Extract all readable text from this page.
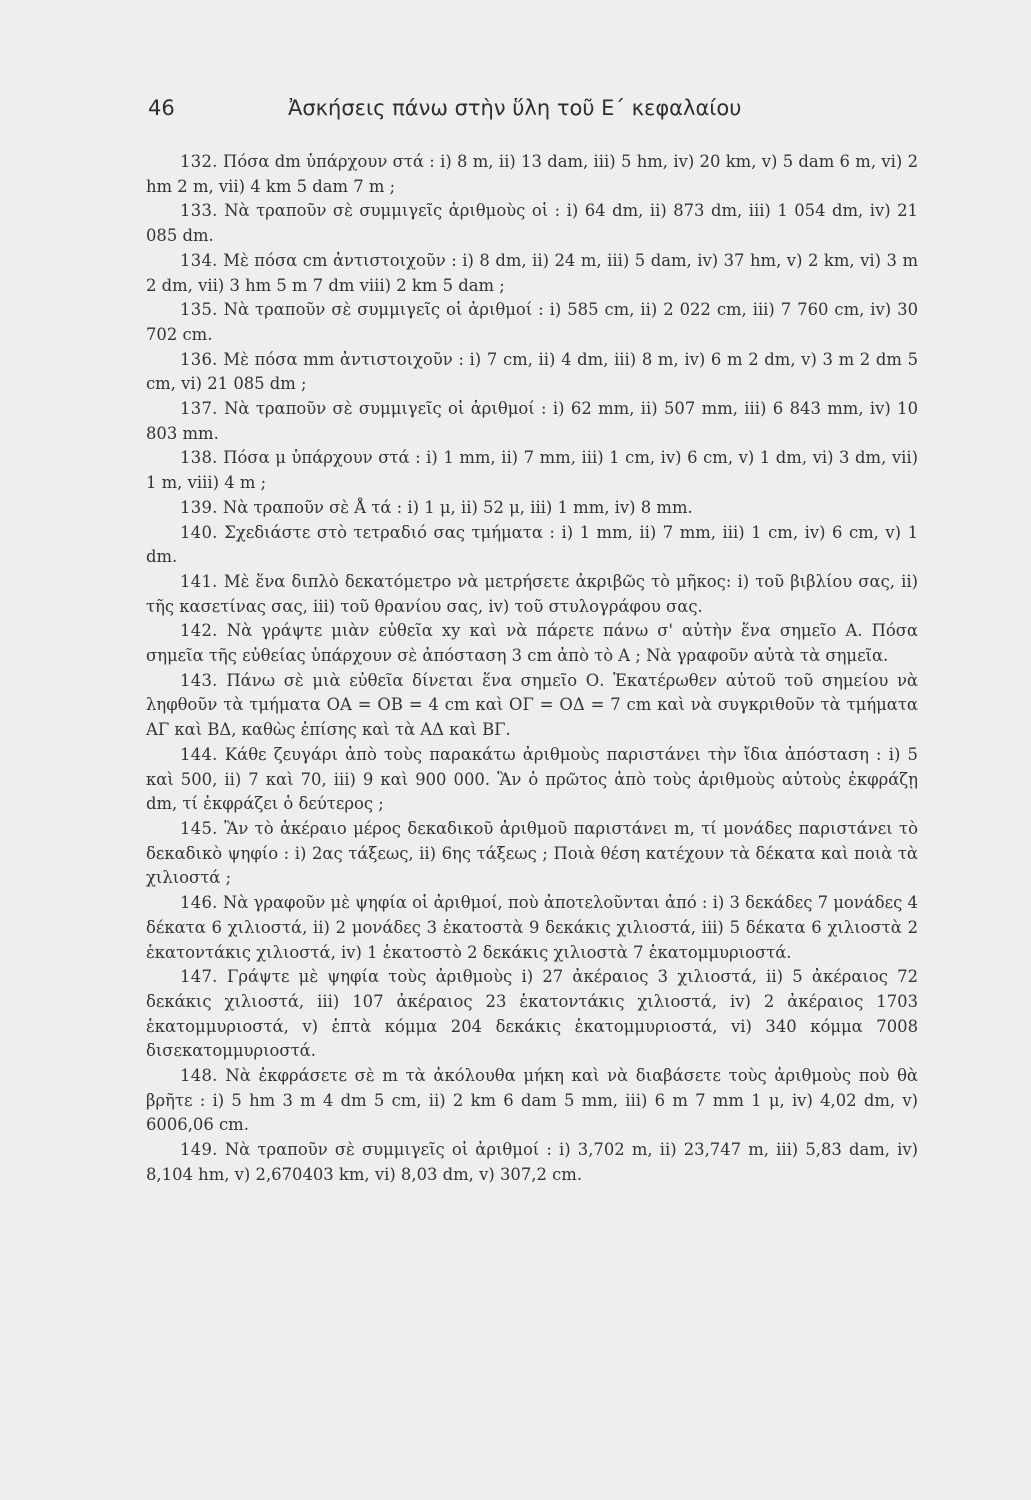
46	Ἀσκήσεις πάνω στὴν ὕλη τοῦ Ε΄ κεφαλαίου

132. Πόσα dm ὑπάρχουν στά : i) 8 m, ii) 13 dam, iii) 5 hm, iv) 20 km, v) 5 dam 6 m, vi) 2 hm 2 m, vii) 4 km 5 dam 7 m ;

133. Νὰ τραποῦν σὲ συμμιγεῖς ἀριθμοὺς οἱ : i) 64 dm, ii) 873 dm, iii) 1 054 dm, iv) 21 085 dm.

134. Μὲ πόσα cm ἀντιστοιχοῦν : i) 8 dm, ii) 24 m, iii) 5 dam, iv) 37 hm, v) 2 km, vi) 3 m 2 dm, vii) 3 hm 5 m 7 dm viii) 2 km 5 dam ;

135. Νὰ τραποῦν σὲ συμμιγεῖς οἱ ἀριθμοί : i) 585 cm, ii) 2 022 cm, iii) 7 760 cm, iv) 30 702 cm.

136. Μὲ πόσα mm ἀντιστοιχοῦν : i) 7 cm, ii) 4 dm, iii) 8 m, iv) 6 m 2 dm, v) 3 m 2 dm 5 cm, vi) 21 085 dm ;

137. Νὰ τραποῦν σὲ συμμιγεῖς οἱ ἀριθμοί : i) 62 mm, ii) 507 mm, iii) 6 843 mm, iv) 10 803 mm.

138. Πόσα μ ὑπάρχουν στά : i) 1 mm, ii) 7 mm, iii) 1 cm, iv) 6 cm, v) 1 dm, vi) 3 dm, vii) 1 m, viii) 4 m ;

139. Νὰ τραποῦν σὲ Å τά : i) 1 μ, ii) 52 μ, iii) 1 mm, iv) 8 mm.

140. Σχεδιάστε στὸ τετραδιό σας τμήματα : i) 1 mm, ii) 7 mm, iii) 1 cm, iv) 6 cm, v) 1 dm.

141. Μὲ ἕνα διπλὸ δεκατόμετρο νὰ μετρήσετε ἀκριβῶς τὸ μῆκος: i) τοῦ βιβλίου σας, ii) τῆς κασετίνας σας, iii) τοῦ θρανίου σας, iv) τοῦ στυλογράφου σας.

142. Νὰ γράψτε μιὰν εὐθεῖα xy καὶ νὰ πάρετε πάνω σ' αὐτὴν ἕνα σημεῖο Α. Πόσα σημεῖα τῆς εὐθείας ὑπάρχουν σὲ ἀπόσταση 3 cm ἀπὸ τὸ Α ; Νὰ γραφοῦν αὐτὰ τὰ σημεῖα.

143. Πάνω σὲ μιὰ εὐθεῖα δίνεται ἕνα σημεῖο Ο. Ἑκατέρωθεν αὐτοῦ τοῦ σημείου νὰ ληφθοῦν τὰ τμήματα ΟΑ = ΟΒ = 4 cm καὶ ΟΓ = ΟΔ = 7 cm καὶ νὰ συγκριθοῦν τὰ τμήματα ΑΓ καὶ ΒΔ, καθὼς ἐπίσης καὶ τὰ ΑΔ καὶ ΒΓ.

144. Κάθε ζευγάρι ἀπὸ τοὺς παρακάτω ἀριθμοὺς παριστάνει τὴν ἴδια ἀπόσταση : i) 5 καὶ 500, ii) 7 καὶ 70, iii) 9 καὶ 900 000. Ἂν ὁ πρῶτος ἀπὸ τοὺς ἀριθμοὺς αὐτοὺς ἐκφράζῃ dm, τί ἐκφράζει ὁ δεύτερος ;

145. Ἂν τὸ ἀκέραιο μέρος δεκαδικοῦ ἀριθμοῦ παριστάνει m, τί μονάδες παριστάνει τὸ δεκαδικὸ ψηφίο : i) 2ας τάξεως, ii) 6ης τάξεως ; Ποιὰ θέση κατέχουν τὰ δέκατα καὶ ποιὰ τὰ χιλιοστά ;

146. Νὰ γραφοῦν μὲ ψηφία οἱ ἀριθμοί, ποὺ ἀποτελοῦνται ἀπό : i) 3 δεκάδες 7 μονάδες 4 δέκατα 6 χιλιοστά, ii) 2 μονάδες 3 ἑκατοστὰ 9 δεκάκις χιλιοστά, iii) 5 δέκατα 6 χιλιοστὰ 2 ἑκατοντάκις χιλιοστά, iv) 1 ἑκατοστὸ 2 δεκάκις χιλιοστὰ 7 ἑκατομμυριοστά.

147. Γράψτε μὲ ψηφία τοὺς ἀριθμοὺς i) 27 ἀκέραιος 3 χιλιοστά, ii) 5 ἀκέραιος 72 δεκάκις χιλιοστά, iii) 107 ἀκέραιος 23 ἑκατοντάκις χιλιοστά, iv) 2 ἀκέραιος 1703 ἑκατομμυριοστά, v) ἑπτὰ κόμμα 204 δεκάκις ἑκατομμυριοστά, vi) 340 κόμμα 7008 δισεκατομμυριοστά.

148. Νὰ ἐκφράσετε σὲ m τὰ ἀκόλουθα μήκη καὶ νὰ διαβάσετε τοὺς ἀριθμοὺς ποὺ θὰ βρῆτε : i) 5 hm 3 m 4 dm 5 cm, ii) 2 km 6 dam 5 mm, iii) 6 m 7 mm 1 μ, iv) 4,02 dm, v) 6006,06 cm.

149. Νὰ τραποῦν σὲ συμμιγεῖς οἱ ἀριθμοί : i) 3,702 m, ii) 23,747 m, iii) 5,83 dam, iv) 8,104 hm, v) 2,670403 km, vi) 8,03 dm, v) 307,2 cm.
